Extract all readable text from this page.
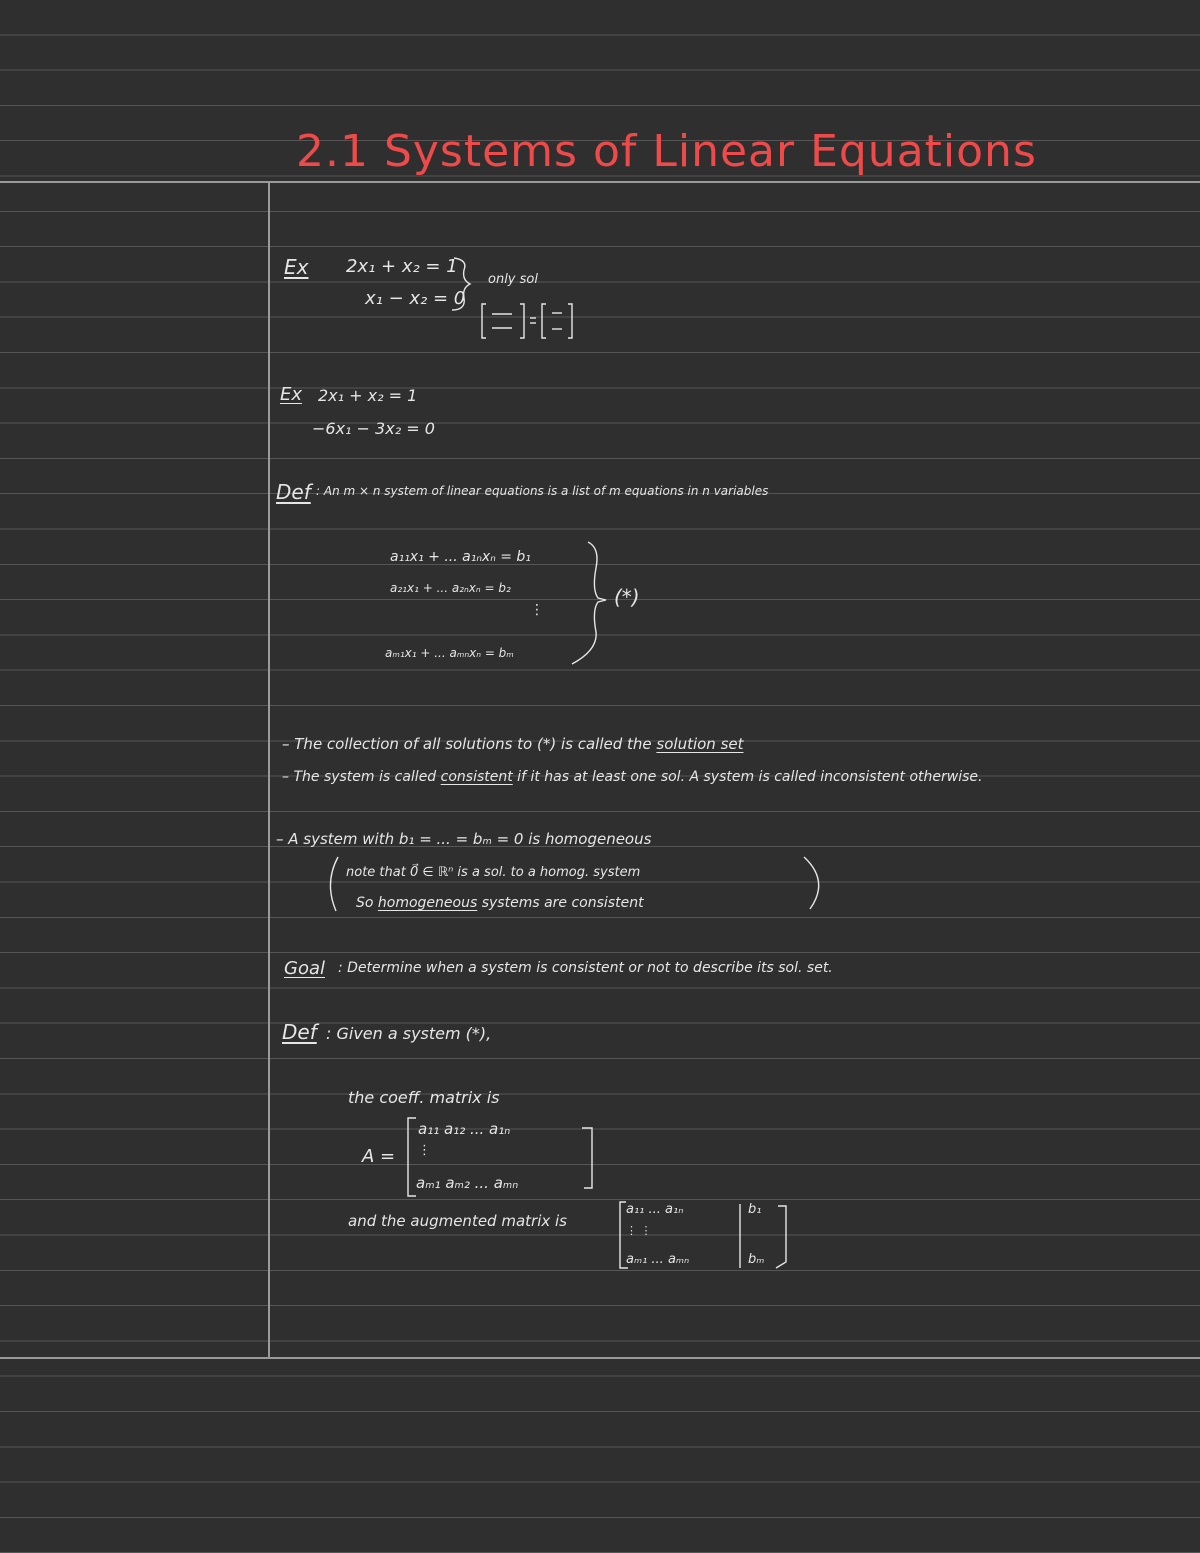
2.1 Systems of Linear Equations
Ex 2x₁ + x₂ = 1
x₁ − x₂ = 0
only sol
Ex 2x₁ + x₂ = 1
−6x₁ − 3x₂ = 0
Def : An m × n system of linear equations is a list of m equations in n variables
a₁₁x₁ + ... a₁ₙxₙ = b₁
a₂₁x₁ + ... a₂ₙxₙ = b₂
⋮
aₘ₁x₁ + ... aₘₙxₙ = bₘ
(*)
– The collection of all solutions to (*) is called the solution set
– The system is called consistent if it has at least one sol. A system is called inconsistent otherwise.
– A system with b₁ = ... = bₘ = 0 is homogeneous
note that 0⃗ ∈ ℝⁿ is a sol. to a homog. system
So homogeneous systems are consistent
Goal : Determine when a system is consistent or not to describe its sol. set.
Def : Given a system (*),
the coeff. matrix is
A =
a₁₁ a₁₂ ... a₁ₙ
⋮
aₘ₁ aₘ₂ ... aₘₙ
and the augmented matrix is
a₁₁ ... a₁ₙ	b₁
⋮ ⋮
aₘ₁ ... aₘₙ	bₘ
